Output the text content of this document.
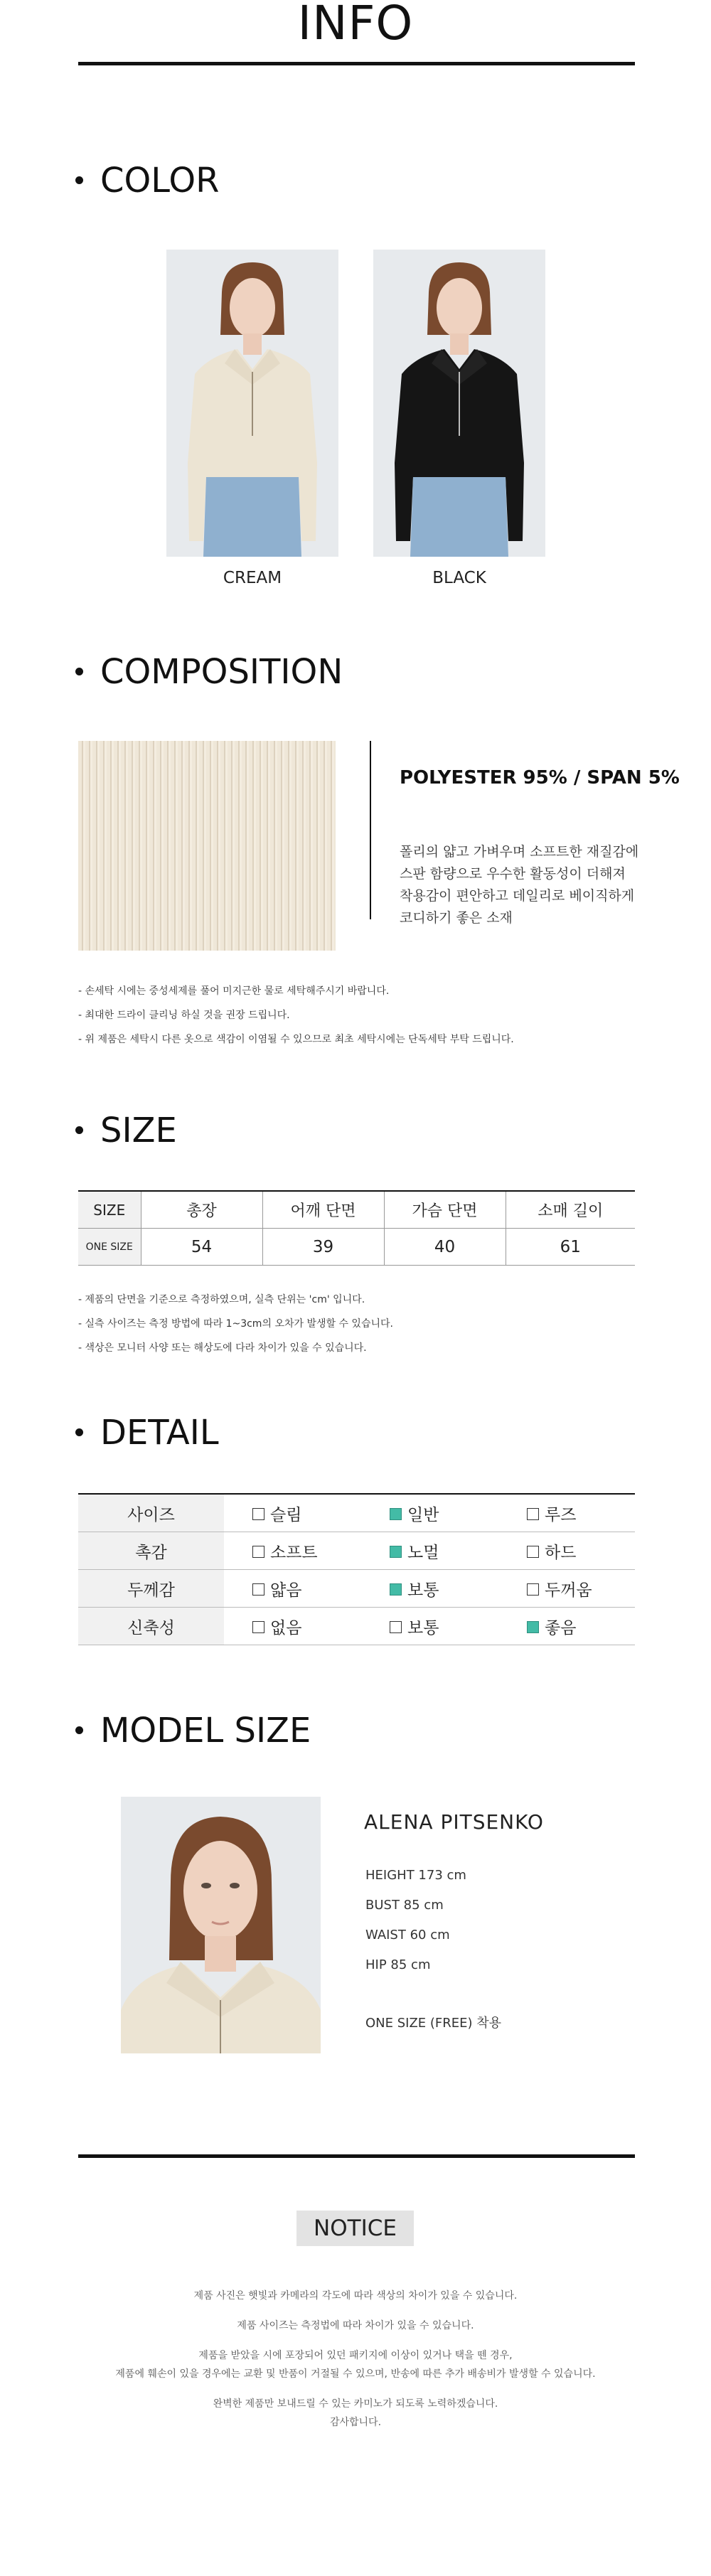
INFO
COLOR
CREAM	BLACK
COMPOSITION
POLYESTER 95% / SPAN 5%
폴리의 얇고 가벼우며 소프트한 재질감에
스판 함량으로 우수한 활동성이 더해져
착용감이 편안하고 데일리로 베이직하게
코디하기 좋은 소재
- 손세탁 시에는 중성세제를 풀어 미지근한 물로 세탁해주시기 바랍니다.
- 최대한 드라이 클리닝 하실 것을 권장 드립니다.
- 위 제품은 세탁시 다른 옷으로 색감이 이염될 수 있으므로 최초 세탁시에는 단독세탁 부탁 드립니다.
SIZE
SIZE	총장	어깨 단면	가슴 단면	소매 길이
ONE SIZE	54	39	40	61
- 제품의 단면을 기준으로 측정하였으며, 실측 단위는 'cm' 입니다.
- 실측 사이즈는 측정 방법에 따라 1~3cm의 오차가 발생할 수 있습니다.
- 색상은 모니터 사양 또는 해상도에 다라 차이가 있을 수 있습니다.
DETAIL
사이즈	슬림	일반	루즈
촉감	소프트	노멀	하드
두께감	얇음	보통	두꺼움
신축성	없음	보통	좋음
MODEL SIZE
ALENA PITSENKO
HEIGHT 173 cm
BUST 85 cm
WAIST 60 cm
HIP 85 cm
ONE SIZE (FREE) 착용
NOTICE
제품 사진은 햇빛과 카메라의 각도에 따라 색상의 차이가 있을 수 있습니다.
제품 사이즈는 측정법에 따라 차이가 있을 수 있습니다.
제품을 받았을 시에 포장되어 있던 패키지에 이상이 있거나 택을 뗀 경우,
제품에 훼손이 있을 경우에는 교환 및 반품이 거절될 수 있으며, 반송에 따른 추가 배송비가 발생할 수 있습니다.
완벽한 제품만 보내드릴 수 있는 카미노가 되도록 노력하겠습니다.
감사합니다.
